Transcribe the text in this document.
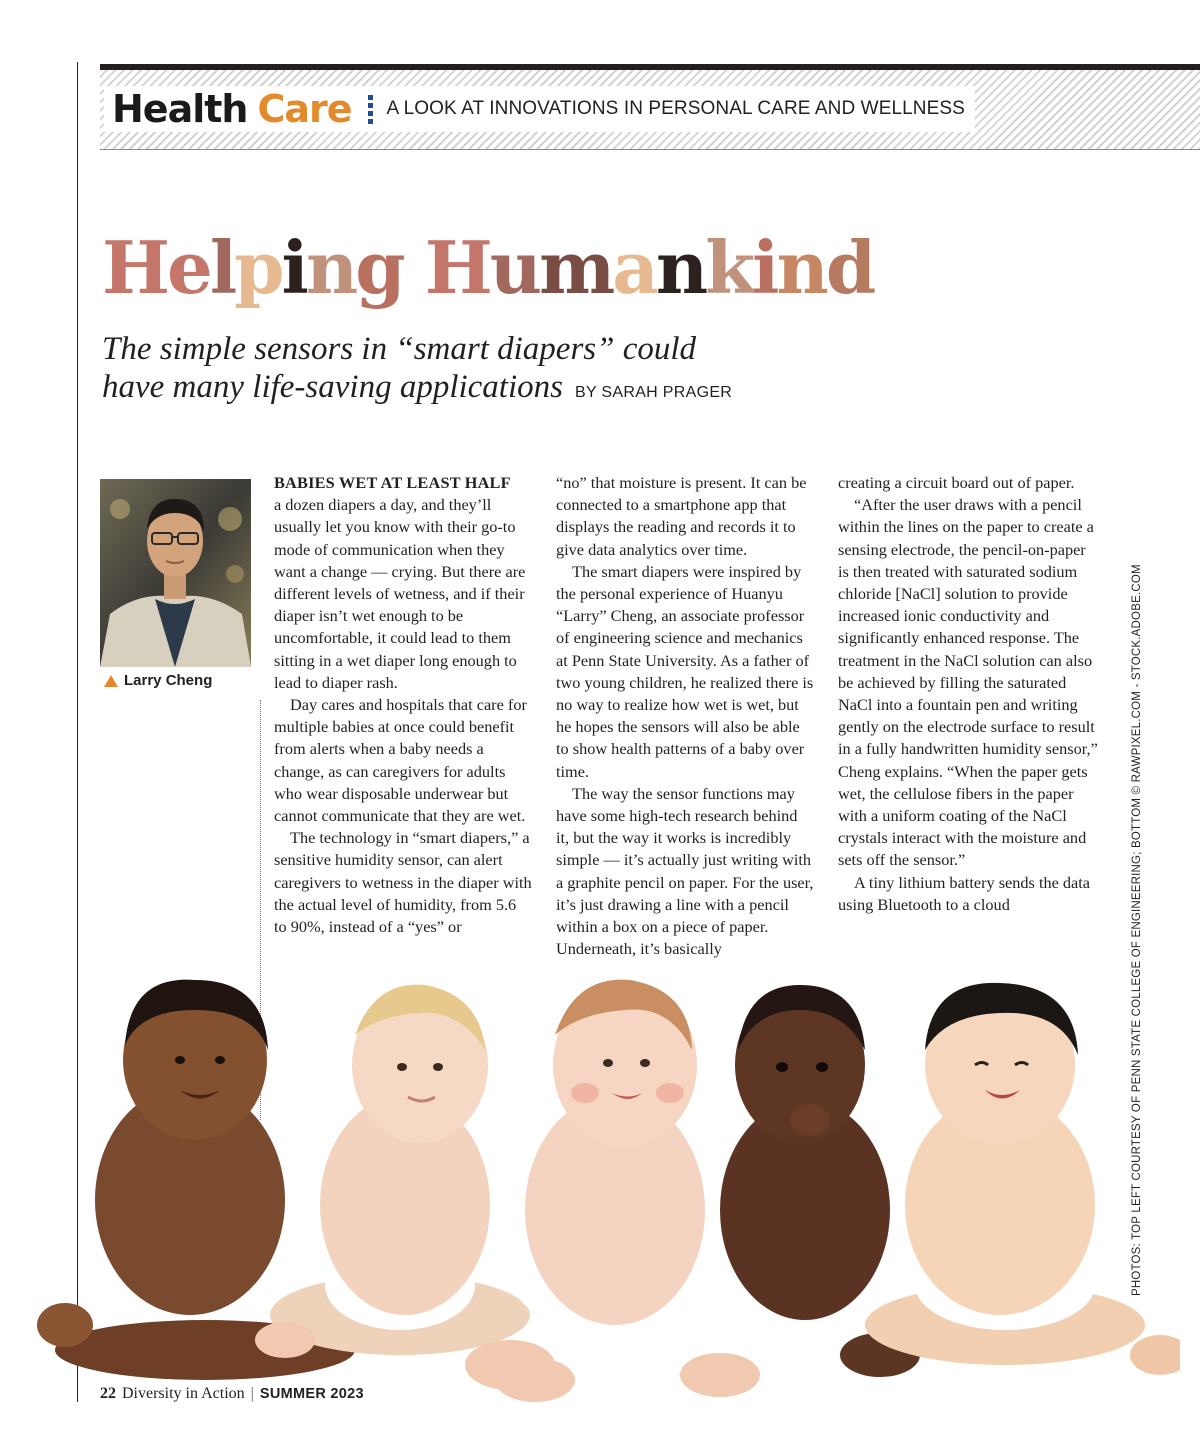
Health Care A LOOK AT INNOVATIONS IN PERSONAL CARE AND WELLNESS
Helping Humankind
The simple sensors in “smart diapers” could
have many life-saving applications BY SARAH PRAGER
Larry Cheng

BABIES WET AT LEAST HALF
a dozen diapers a day, and they’ll usually let you know with their go-to mode of communication when they want a change — crying. But there are different levels of wetness, and if their diaper isn’t wet enough to be uncomfortable, it could lead to them sitting in a wet diaper long enough to lead to diaper rash.

Day cares and hospitals that care for multiple babies at once could benefit from alerts when a baby needs a change, as can caregivers for adults who wear disposable underwear but cannot communicate that they are wet.

The technology in “smart diapers,” a sensitive humidity sensor, can alert caregivers to wetness in the diaper with the actual level of humidity, from 5.6 to 90%, instead of a “yes” or

“no” that moisture is present. It can be connected to a smartphone app that displays the reading and records it to give data analytics over time.

The smart diapers were inspired by the personal experience of Huanyu “Larry” Cheng, an associate professor of engineering science and mechanics at Penn State University. As a father of two young children, he realized there is no way to realize how wet is wet, but he hopes the sensors will also be able to show health patterns of a baby over time.

The way the sensor functions may have some high-tech research behind it, but the way it works is incredibly simple — it’s actually just writing with a graphite pencil on paper. For the user, it’s just drawing a line with a pencil within a box on a piece of paper. Underneath, it’s basically

creating a circuit board out of paper.

“After the user draws with a pencil within the lines on the paper to create a sensing electrode, the pencil-on-paper is then treated with saturated sodium chloride [NaCl] solution to provide increased ionic conductivity and significantly enhanced response. The treatment in the NaCl solution can also be achieved by filling the saturated NaCl into a fountain pen and writing gently on the electrode surface to result in a fully handwritten humidity sensor,” Cheng explains. “When the paper gets wet, the cellulose fibers in the paper with a uniform coating of the NaCl crystals interact with the moisture and sets off the sensor.”

A tiny lithium battery sends the data using Bluetooth to a cloud	PHOTOS: TOP LEFT COURTESY OF PENN STATE COLLEGE OF ENGINEERING; BOTTOM © RAWPIXEL.COM - STOCK.ADOBE.COM
22 Diversity in Action | SUMMER 2023
